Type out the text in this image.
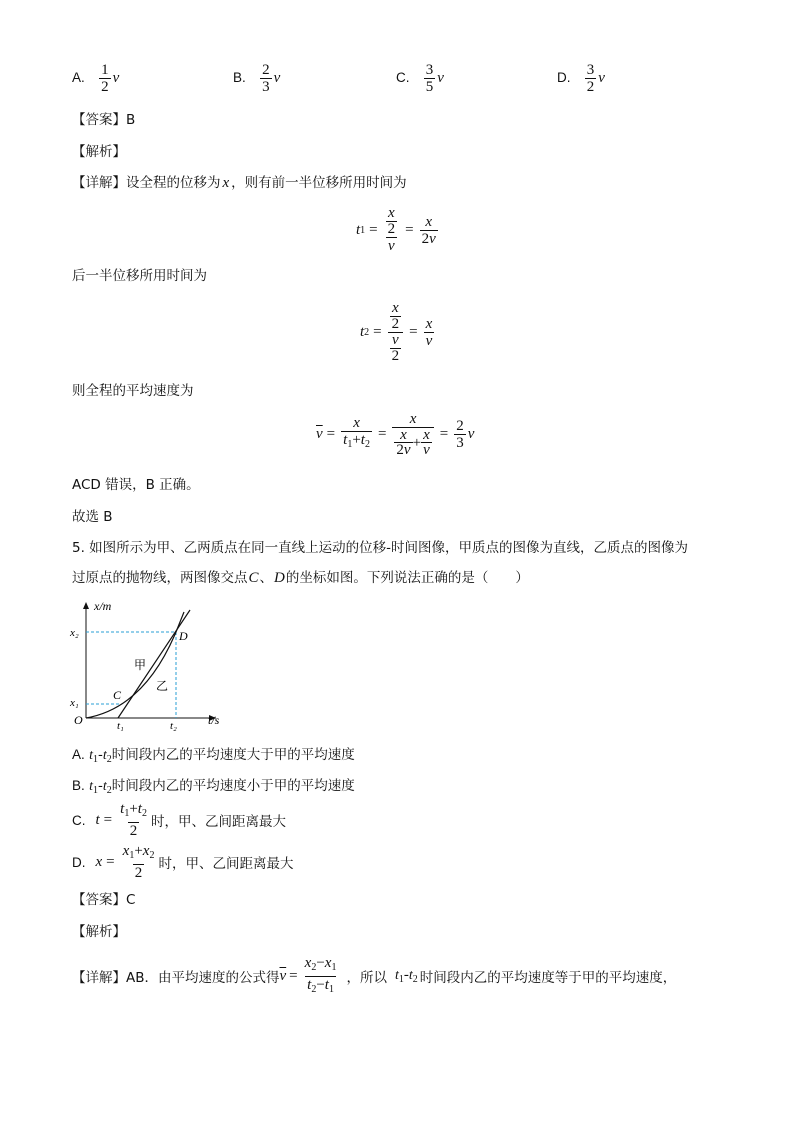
A. $\frac{1}{2}$ v	B. $\frac{2}{3}$ v	C. $\frac{3}{5}$ v	D. $\frac{3}{2}$ v
【答案】B
【解析】
【详解】设全程的位移为 x ，则有前一半位移所用时间为
t 1 = x
2
$v = \frac{x}{2v}$
后一半位移所用时间为
t 2 = x
2
v
$2 = \frac{x}{v}$
则全程的平均速度为
$\overline{v} = \frac{x}{t_1+t_2} = \frac{x}{\frac{x}{2v} + \frac{x}{v}} = \frac{2}{3}$ v
ACD 错误，B 正确。
故选 B
5. 如图所示为甲、乙两质点在同一直线上运动的位移-时间图像，甲质点的图像为直线，乙质点的图像为
过原点的抛物线，两图像交点C、D的坐标如图。下列说法正确的是（　　）
x/m
t/s
O
x₂
x₁
t₁	t₂
C
D
甲
乙
A. $t_1-t_2$时间段内乙的平均速度大于甲的平均速度
B. $t_1-t_2$时间段内乙的平均速度小于甲的平均速度
C. $t = \frac{t_1+t_2}{2}$ 时，甲、乙间距离最大
D. $x = \frac{x_1+x_2}{2}$ 时，甲、乙间距离最大
【答案】C
【解析】
【详解】 AB．由平均速度的公式得 $\overline{v} = \frac{x_2-x_1}{t_2-t_1}$ ，所以 $t_1-t_2$ 时间段内乙的平均速度等于甲的平均速度，
